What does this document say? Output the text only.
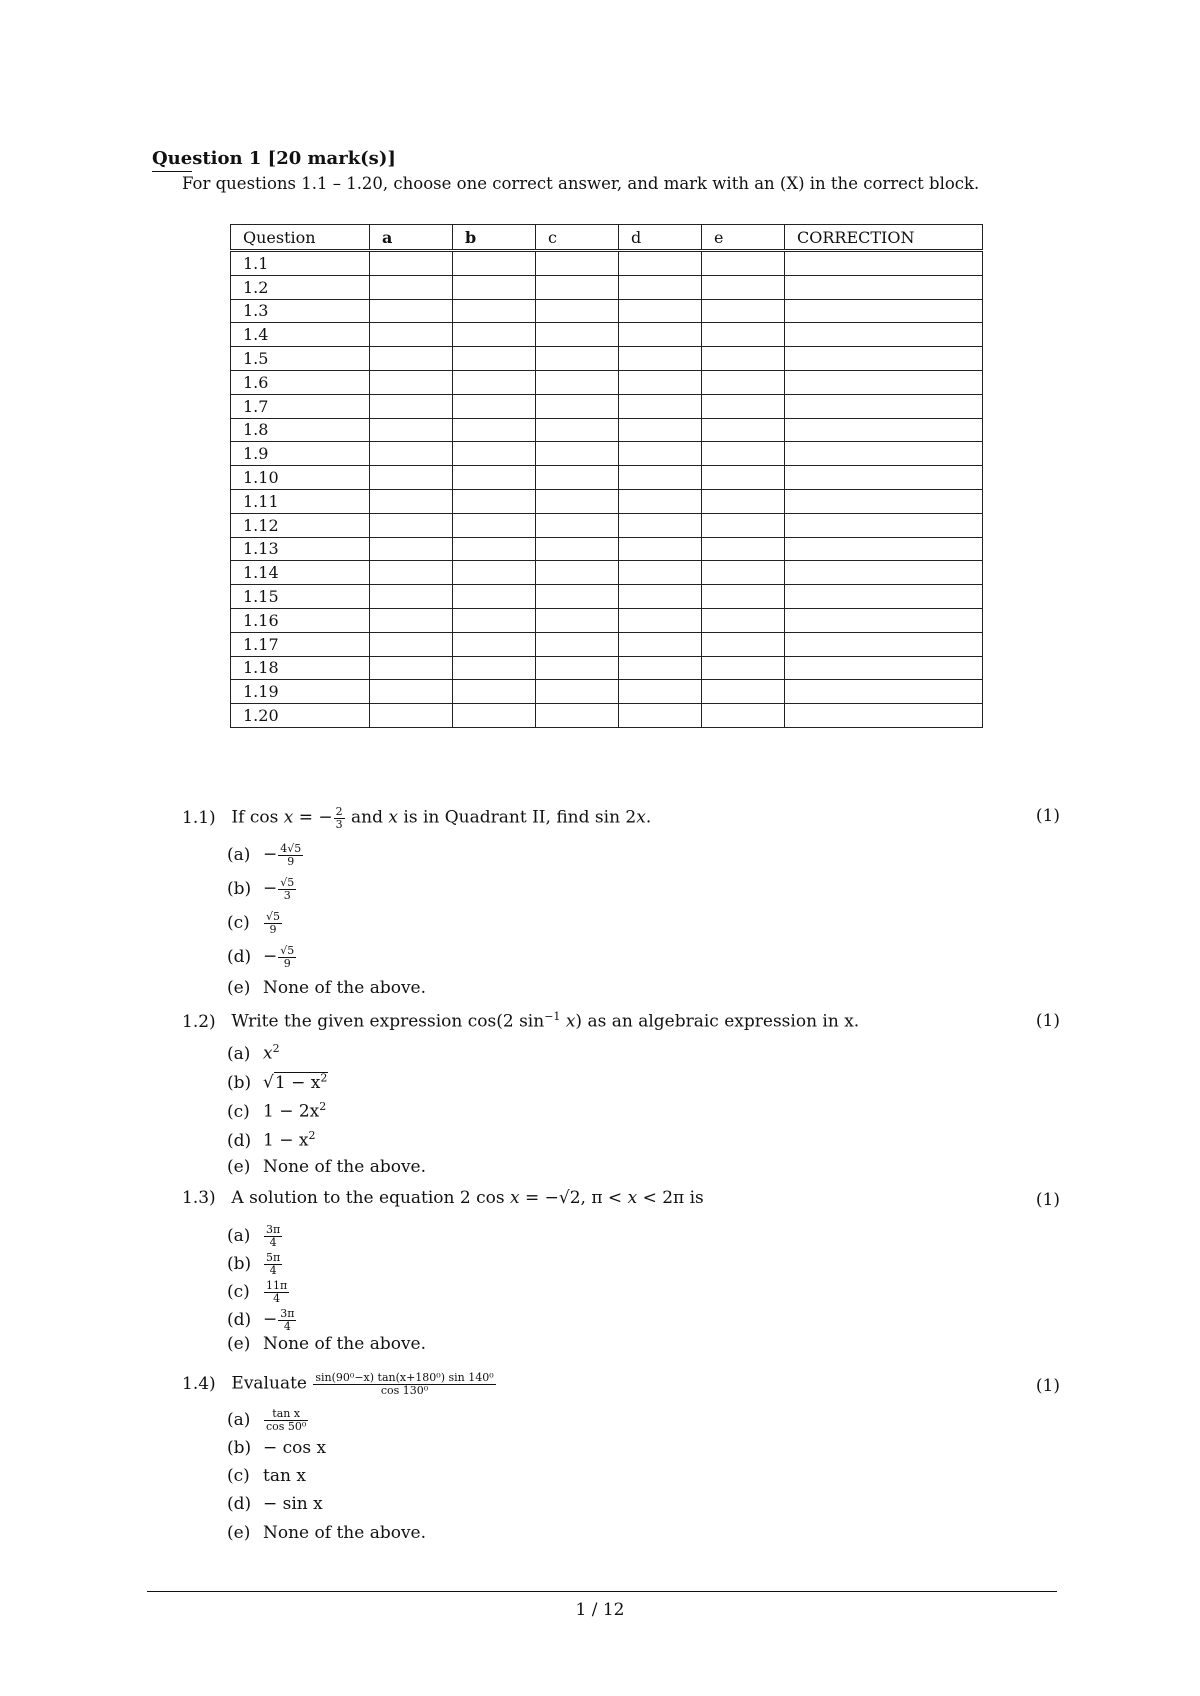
Question 1 [20 mark(s)]
For questions 1.1 – 1.20, choose one correct answer, and mark with an (X) in the correct block.
Question	a	b	c	d	e	CORRECTION
1.1						
1.2						
1.3						
1.4						
1.5						
1.6						
1.7						
1.8						
1.9						
1.10						
1.11						
1.12						
1.13						
1.14						
1.15						
1.16						
1.17						
1.18						
1.19						
1.20						
1.1) If cos x = − $\frac{2}{3}$ and x is in Quadrant II, find sin 2x.	(1)
$(a) - \frac{4√5}{9}$
$(b) - \frac{√5}{3}$
$(c) \frac{√5}{9}$
$(d) - \frac{√5}{9}$
(e) None of the above.
1.2) Write the given expression cos(2 $\sin^{-1} x$) as an algebraic expression in x.	(1)
(a) $x^2$
(b) $√1 - x^2$
(c) $1 - 2x^2$
(d) $1 - x^2$
(e) None of the above.
1.3) A solution to the equation 2 cos x = −√2, π < x < 2π is	(1)
$(a) \frac{3\pi}{4}$
$(b) \frac{5\pi}{4}$
$(c) \frac{11\pi}{4}$
$(d) - \frac{3\pi}{4}$
(e) None of the above.
1.4) Evaluate $\frac{\text{sin(90⁰−x) tan(x+180⁰) sin 140⁰}}{\text{cos 130⁰}}$	(1)
$(a) \frac{\text{tan x}}{\text{cos 50⁰}}$
(b) − cos x
(c) tan x
(d) − sin x
(e) None of the above.
1 / 12
